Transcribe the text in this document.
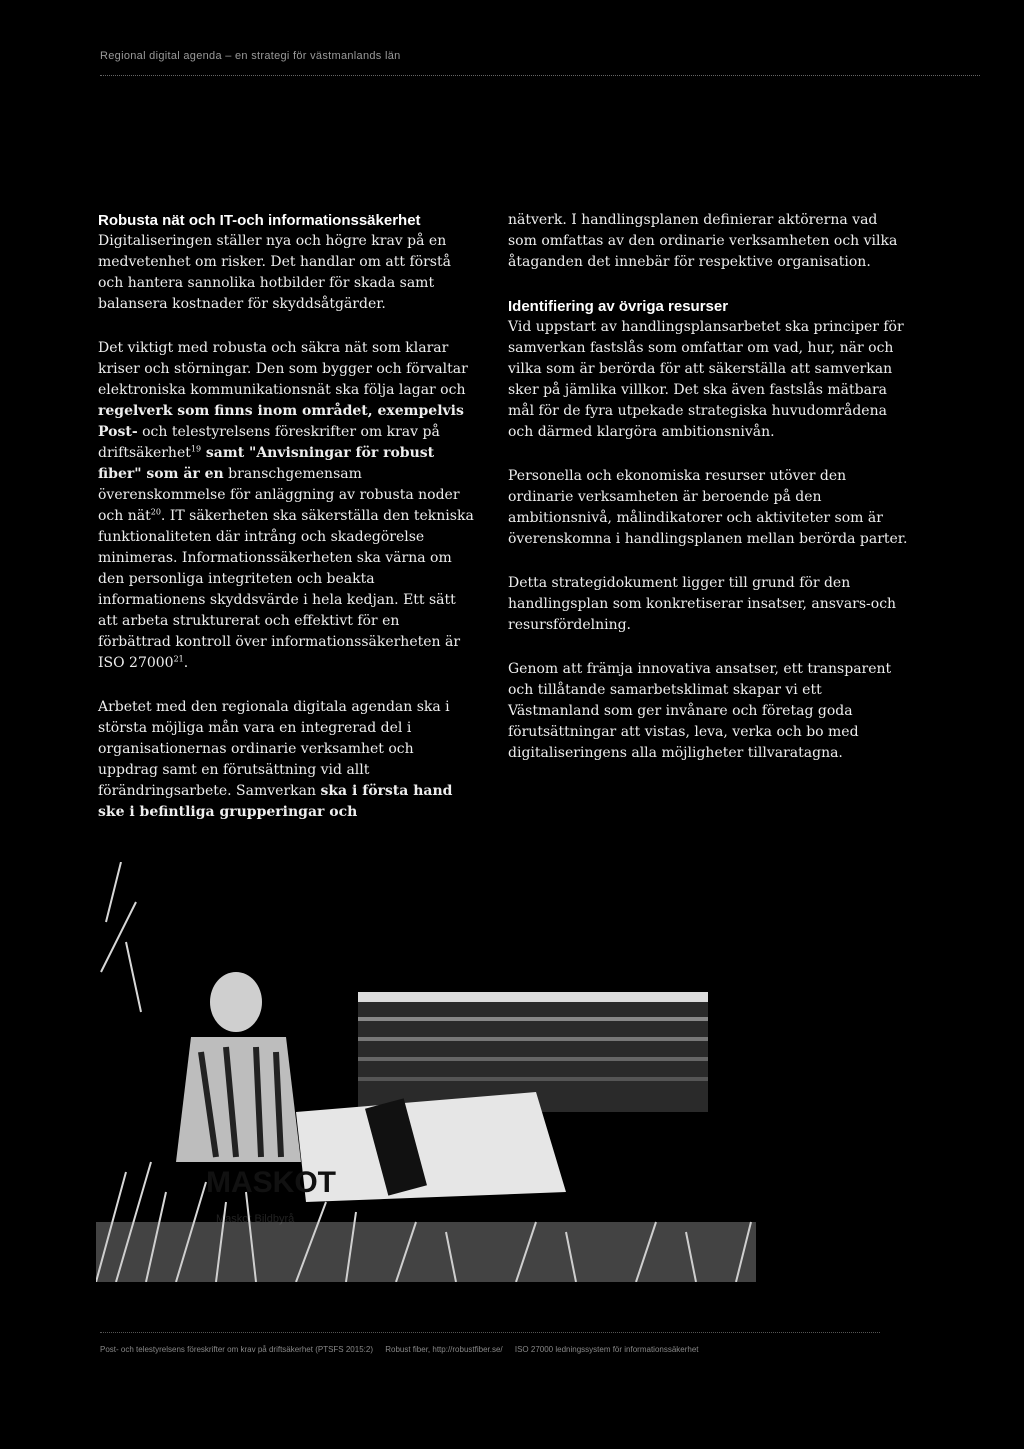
Regional digital agenda – en strategi för västmanlands län
Robusta nät och IT-och informationssäkerhet

Digitaliseringen ställer nya och högre krav på en medvetenhet om risker. Det handlar om att förstå och hantera sannolika hotbilder för skada samt balansera kostnader för skyddsåtgärder.

Det viktigt med robusta och säkra nät som klarar kriser och störningar. Den som bygger och förvaltar elektroniska kommunikationsnät ska följa lagar och regelverk som finns inom området, exempelvis Post- och telestyrelsens föreskrifter om krav på driftsäkerhet$^{19}$ samt "Anvisningar för robust fiber" som är en branschgemensam överenskommelse för anläggning av robusta noder och nät$^{20}$. IT säkerheten ska säkerställa den tekniska funktionaliteten där intrång och skadegörelse minimeras. Informationssäkerheten ska värna om den personliga integriteten och beakta informationens skyddsvärde i hela kedjan. Ett sätt att arbeta strukturerat och effektivt för en förbättrad kontroll över informationssäkerheten är ISO 27000$^{21}$.

Arbetet med den regionala digitala agendan ska i största möjliga mån vara en integrerad del i organisationernas ordinarie verksamhet och uppdrag samt en förutsättning vid allt förändringsarbete. Samverkan ska i första hand ske i befintliga grupperingar och

nätverk. I handlingsplanen definierar aktörerna vad som omfattas av den ordinarie verksamheten och vilka åtaganden det innebär för respektive organisation.

Identifiering av övriga resurser

Vid uppstart av handlingsplansarbetet ska principer för samverkan fastslås som omfattar om vad, hur, när och vilka som är berörda för att säkerställa att samverkan sker på jämlika villkor. Det ska även fastslås mätbara mål för de fyra utpekade strategiska huvudområdena och därmed klargöra ambitionsnivån.

Personella och ekonomiska resurser utöver den ordinarie verksamheten är beroende på den ambitionsnivå, målindikatorer och aktiviteter som är överenskomna i handlingsplanen mellan berörda parter.

Detta strategidokument ligger till grund för den handlingsplan som konkretiserar insatser, ansvars-och resursfördelning.

Genom att främja innovativa ansatser, ett transparent och tillåtande samarbetsklimat skapar vi ett Västmanland som ger invånare och företag goda förutsättningar att vistas, leva, verka och bo med digitaliseringens alla möjligheter tillvaratagna.

MASKOT
Maskot Bildbyrå
Post- och telestyrelsens föreskrifter om krav på driftsäkerhet (PTSFS 2015:2) Robust fiber, http://robustfiber.se/ ISO 27000 ledningssystem för informationssäkerhet
